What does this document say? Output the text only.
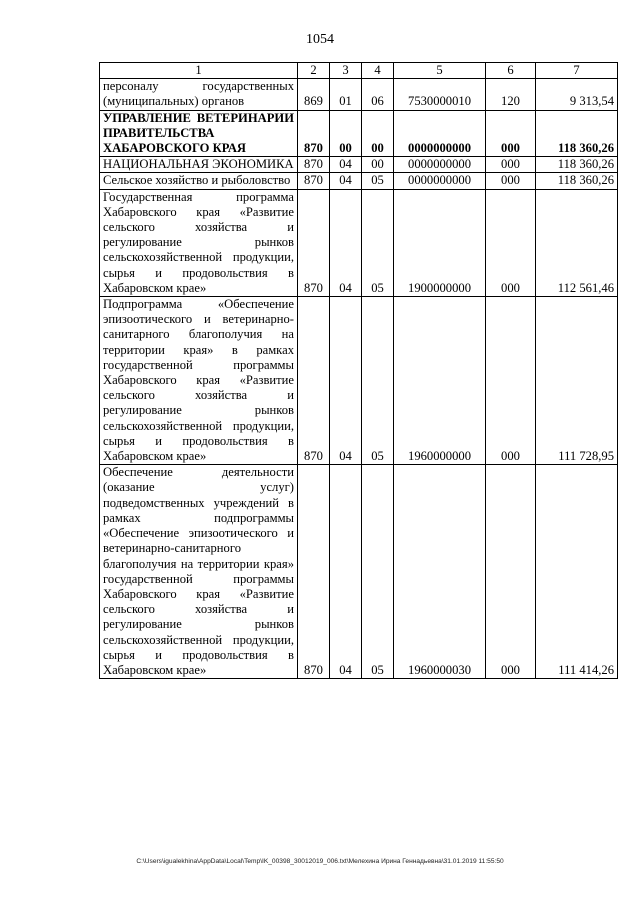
1054
1	2	3	4	5	6	7
персоналу государственных (муниципальных) органов	869	01	06	7530000010	120	9 313,54
УПРАВЛЕНИЕ ВЕТЕРИНАРИИ ПРАВИТЕЛЬСТВА ХАБАРОВСКОГО КРАЯ	870	00	00	0000000000	000	118 360,26
НАЦИОНАЛЬНАЯ ЭКОНОМИКА	870	04	00	0000000000	000	118 360,26
Сельское хозяйство и рыболовство	870	04	05	0000000000	000	118 360,26
Государственная программа Хабаровского края «Развитие сельского хозяйства и регулирование рынков сельскохозяйственной продукции, сырья и продовольствия в Хабаровском крае»	870	04	05	1900000000	000	112 561,46
Подпрограмма «Обеспечение эпизоотического и ветеринарно-санитарного благополучия на территории края» в рамках государственной программы Хабаровского края «Развитие сельского хозяйства и регулирование рынков сельскохозяйственной продукции, сырья и продовольствия в Хабаровском крае»	870	04	05	1960000000	000	111 728,95
Обеспечение деятельности (оказание услуг) подведомственных учреждений в рамках подпрограммы «Обеспечение эпизоотического и ветеринарно-санитарного благополучия на территории края» государственной программы Хабаровского края «Развитие сельского хозяйства и регулирование рынков сельскохозяйственной продукции, сырья и продовольствия в Хабаровском крае»	870	04	05	1960000030	000	111 414,26
C:\Users\igualekhina\AppData\Local\Temp\IK_00398_30012019_006.txt\Мелехина Ирина Геннадьевна\31.01.2019 11:55:50
